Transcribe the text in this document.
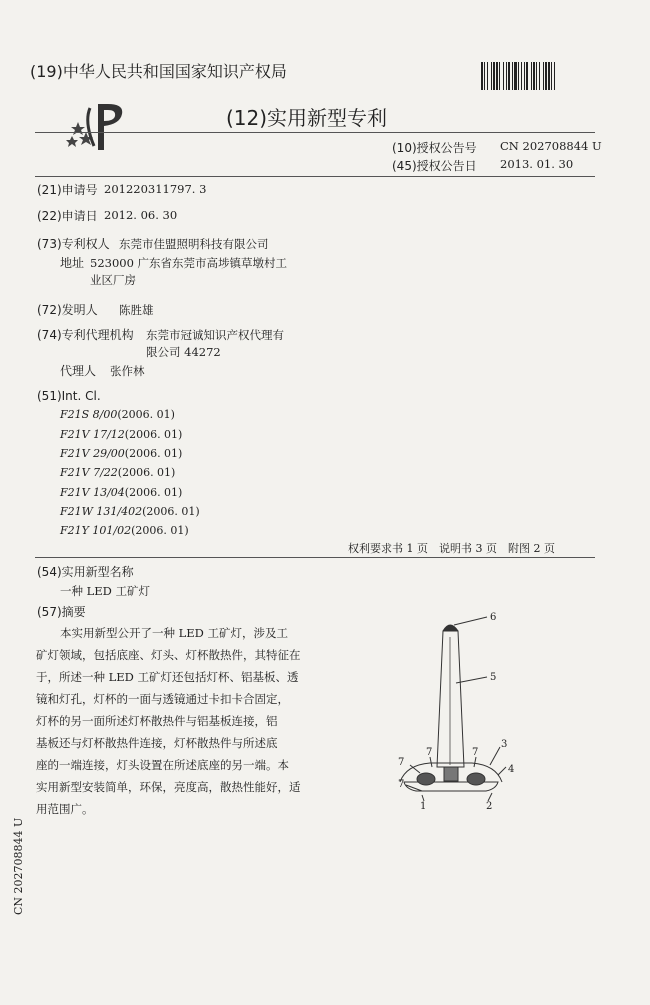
(19)中华人民共和国国家知识产权局
(12)实用新型专利
(10)授权公告号 CN 202708844 U
(45)授权公告日 2013. 01. 30
(21)申请号 201220311797. 3
(22)申请日 2012. 06. 30
(73)专利权人 东莞市佳盟照明科技有限公司
地址 523000 广东省东莞市高埗镇草墩村工
业区厂房
(72)发明人 陈胜雄
(74)专利代理机构 东莞市冠诚知识产权代理有
限公司 44272
代理人 张作林
(51)Int. Cl.
F21S 8/00(2006. 01)
F21V 17/12(2006. 01)
F21V 29/00(2006. 01)
F21V 7/22(2006. 01)
F21V 13/04(2006. 01)
F21W 131/402(2006. 01)
F21Y 101/02(2006. 01)
权利要求书 1 页　说明书 3 页　附图 2 页
(54)实用新型名称
一种 LED 工矿灯
(57)摘要
本实用新型公开了一种 LED 工矿灯，涉及工
矿灯领域，包括底座、灯头、灯杯散热件，其特征在
于，所述一种 LED 工矿灯还包括灯杯、铝基板、透
镜和灯孔，灯杯的一面与透镜通过卡扣卡合固定，
灯杯的另一面所述灯杯散热件与铝基板连接，铝
基板还与灯杯散热件连接，灯杯散热件与所述底
座的一端连接，灯头设置在所述底座的另一端。本
实用新型安装简单，环保，亮度高，散热性能好，适
用范围广。
6
5
7	7
7
3
4
7
1	2
CN 202708844 U
